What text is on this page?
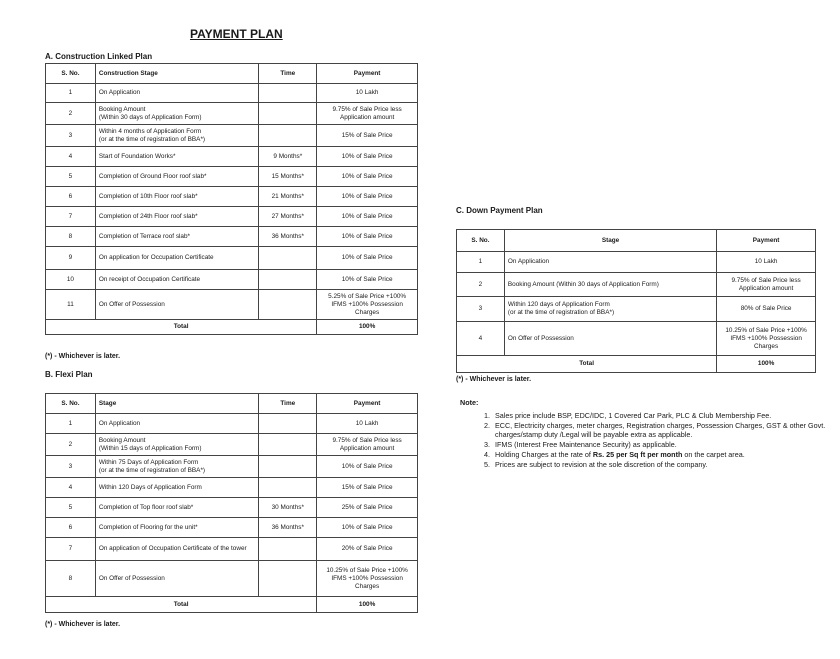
PAYMENT PLAN
A. Construction Linked Plan
S. No.	Construction Stage	Time	Payment
1	On Application		10 Lakh
2	Booking Amount
(Within 30 days of Application Form)		9.75% of Sale Price less Application amount
3	Within 4 months of Application Form
(or at the time of registration of BBA*)		15% of Sale Price
4	Start of Foundation Works*	9 Months*	10% of Sale Price
5	Completion of Ground Floor roof slab*	15 Months*	10% of Sale Price
6	Completion of 10th Floor roof slab*	21 Months*	10% of Sale Price
7	Completion of 24th Floor roof slab*	27 Months*	10% of Sale Price
8	Completion of Terrace roof slab*	36 Months*	10% of Sale Price
9	On application for Occupation Certificate		10% of Sale Price
10	On receipt of Occupation Certificate		10% of Sale Price
11	On Offer of Possession		5.25% of Sale Price +100% IFMS +100% Possession Charges
Total			100%
(*) - Whichever is later.
B. Flexi Plan
S. No.	Stage	Time	Payment
1	On Application		10 Lakh
2	Booking Amount
(Within 15 days of Application Form)		9.75% of Sale Price less Application amount
3	Within 75 Days of Application Form
(or at the time of registration of BBA*)		10% of Sale Price
4	Within 120 Days of Application Form		15% of Sale Price
5	Completion of Top floor roof slab*	30 Months*	25% of Sale Price
6	Completion of Flooring for the unit*	36 Months*	10% of Sale Price
7	On application of Occupation Certificate of the tower		20% of Sale Price
8	On Offer of Possession		10.25% of Sale Price +100% IFMS +100% Possession Charges
Total			100%
(*) - Whichever is later.
C. Down Payment Plan
S. No.	Stage	Payment
1	On Application	10 Lakh
2	Booking Amount (Within 30 days of Application Form)	9.75% of Sale Price less Application amount
3	Within 120 days of Application Form
(or at the time of registration of BBA*)	80% of Sale Price
4	On Offer of Possession	10.25% of Sale Price +100% IFMS +100% Possession Charges
Total		100%
(*) - Whichever is later.
Note:
1. Sales price include BSP, EDC/IDC, 1 Covered Car Park, PLC & Club Membership Fee.
2. ECC, Electricity charges, meter charges, Registration charges, Possession Charges, GST & other Govt. charges/stamp duty /Legal will be payable extra as applicable.
3. IFMS (Interest Free Maintenance Security) as applicable.
4. Holding Charges at the rate of Rs. 25 per Sq ft per month on the carpet area.
5. Prices are subject to revision at the sole discretion of the company.
